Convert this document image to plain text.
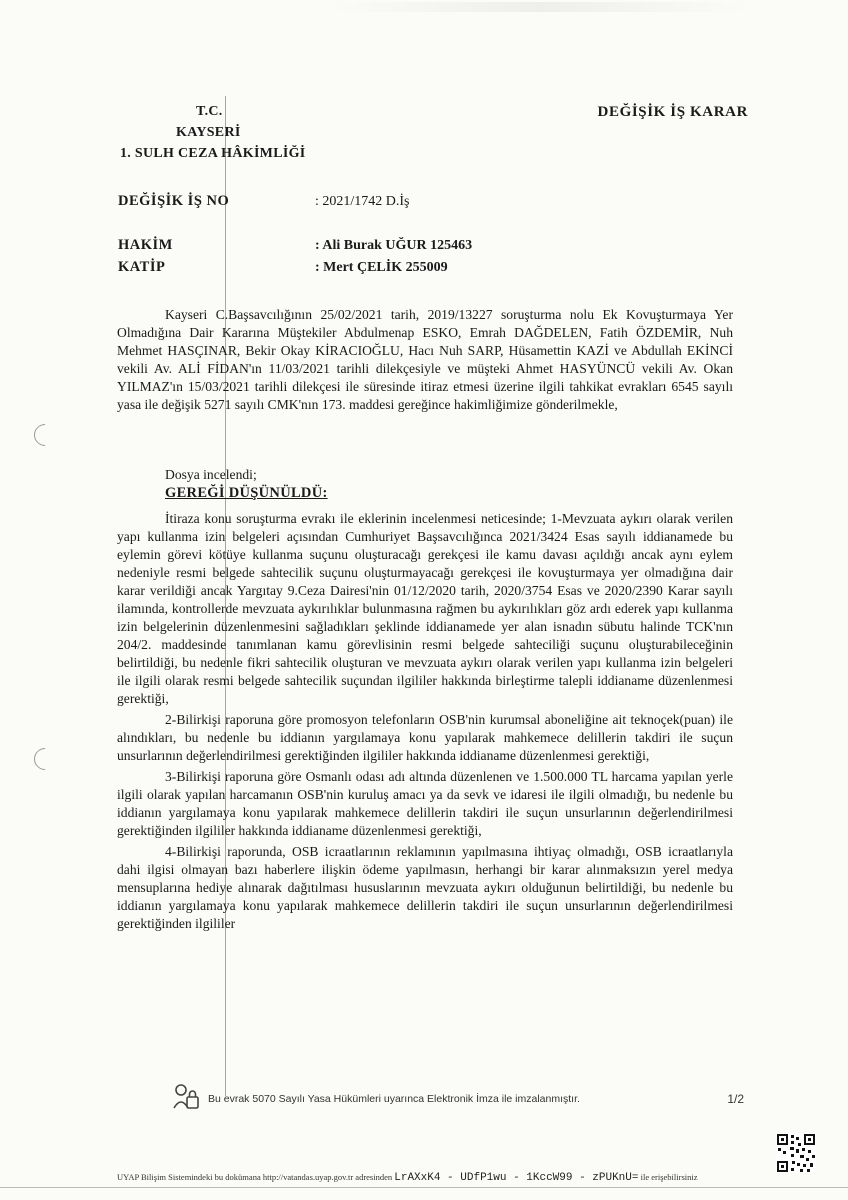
T.C.
KAYSERİ
1. SULH CEZA HÂKİMLİĞİ
DEĞİŞİK İŞ KARAR
DEĞİŞİK İŞ NO	: 2021/1742 D.İş
HAKİM	: Ali Burak UĞUR 125463
KATİP	: Mert ÇELİK 255009

Kayseri C.Başsavcılığının 25/02/2021 tarih, 2019/13227 soruşturma nolu Ek Kovuşturmaya Yer Olmadığına Dair Kararına Müştekiler Abdulmenap ESKO, Emrah DAĞDELEN, Fatih ÖZDEMİR, Nuh Mehmet HASÇINAR, Bekir Okay KİRACIOĞLU, Hacı Nuh SARP, Hüsamettin KAZİ ve Abdullah EKİNCİ vekili Av. ALİ FİDAN'ın 11/03/2021 tarihli dilekçesiyle ve müşteki Ahmet HASYÜNCÜ vekili Av. Okan YILMAZ'ın 15/03/2021 tarihli dilekçesi ile süresinde itiraz etmesi üzerine ilgili tahkikat evrakları 6545 sayılı yasa ile değişik 5271 sayılı CMK'nın 173. maddesi gereğince hakimliğimize gönderilmekle,

Dosya incelendi;
GEREĞİ DÜŞÜNÜLDÜ:

İtiraza konu soruşturma evrakı ile eklerinin incelenmesi neticesinde; 1-Mevzuata aykırı olarak verilen yapı kullanma izin belgeleri açısından Cumhuriyet Başsavcılığınca 2021/3424 Esas sayılı iddianamede bu eylemin görevi kötüye kullanma suçunu oluşturacağı gerekçesi ile kamu davası açıldığı ancak aynı eylem nedeniyle resmi belgede sahtecilik suçunu oluşturmayacağı gerekçesi ile kovuşturmaya yer olmadığına dair karar verildiği ancak Yargıtay 9.Ceza Dairesi'nin 01/12/2020 tarih, 2020/3754 Esas ve 2020/2390 Karar sayılı ilamında, kontrollerde mevzuata aykırılıklar bulunmasına rağmen bu aykırılıkları göz ardı ederek yapı kullanma izin belgelerinin düzenlenmesini sağladıkları şeklinde iddianamede yer alan isnadın sübutu halinde TCK'nın 204/2. maddesinde tanımlanan kamu görevlisinin resmi belgede sahteciliği suçunu oluşturabileceğinin belirtildiği, bu nedenle fikri sahtecilik oluşturan ve mevzuata aykırı olarak verilen yapı kullanma izin belgeleri ile ilgili olarak resmi belgede sahtecilik suçundan ilgililer hakkında birleştirme talepli iddianame düzenlenmesi gerektiği,

2-Bilirkişi raporuna göre promosyon telefonların OSB'nin kurumsal aboneliğine ait teknoçek(puan) ile alındıkları, bu nedenle bu iddianın yargılamaya konu yapılarak mahkemece delillerin takdiri ile suçun unsurlarının değerlendirilmesi gerektiğinden ilgililer hakkında iddianame düzenlenmesi gerektiği,

3-Bilirkişi raporuna göre Osmanlı odası adı altında düzenlenen ve 1.500.000 TL harcama yapılan yerle ilgili olarak yapılan harcamanın OSB'nin kuruluş amacı ya da sevk ve idaresi ile ilgili olmadığı, bu nedenle bu iddianın yargılamaya konu yapılarak mahkemece delillerin takdiri ile suçun unsurlarının değerlendirilmesi gerektiğinden ilgililer hakkında iddianame düzenlenmesi gerektiği,

4-Bilirkişi raporunda, OSB icraatlarının reklamının yapılmasına ihtiyaç olmadığı, OSB icraatlarıyla dahi ilgisi olmayan bazı haberlere ilişkin ödeme yapılmasın, herhangi bir karar alınmaksızın yerel medya mensuplarına hediye alınarak dağıtılması hususlarının mevzuata aykırı olduğunun belirtildiği, bu nedenle bu iddianın yargılamaya konu yapılarak mahkemece delillerin takdiri ile suçun unsurlarının değerlendirilmesi gerektiğinden ilgililer

Bu evrak 5070 Sayılı Yasa Hükümleri uyarınca Elektronik İmza ile imzalanmıştır.	1/2
UYAP Bilişim Sistemindeki bu dokümana http://vatandas.uyap.gov.tr adresinden LrAXxK4 - UDfP1wu - 1KccW99 - zPUKnU= ile erişebilirsiniz
